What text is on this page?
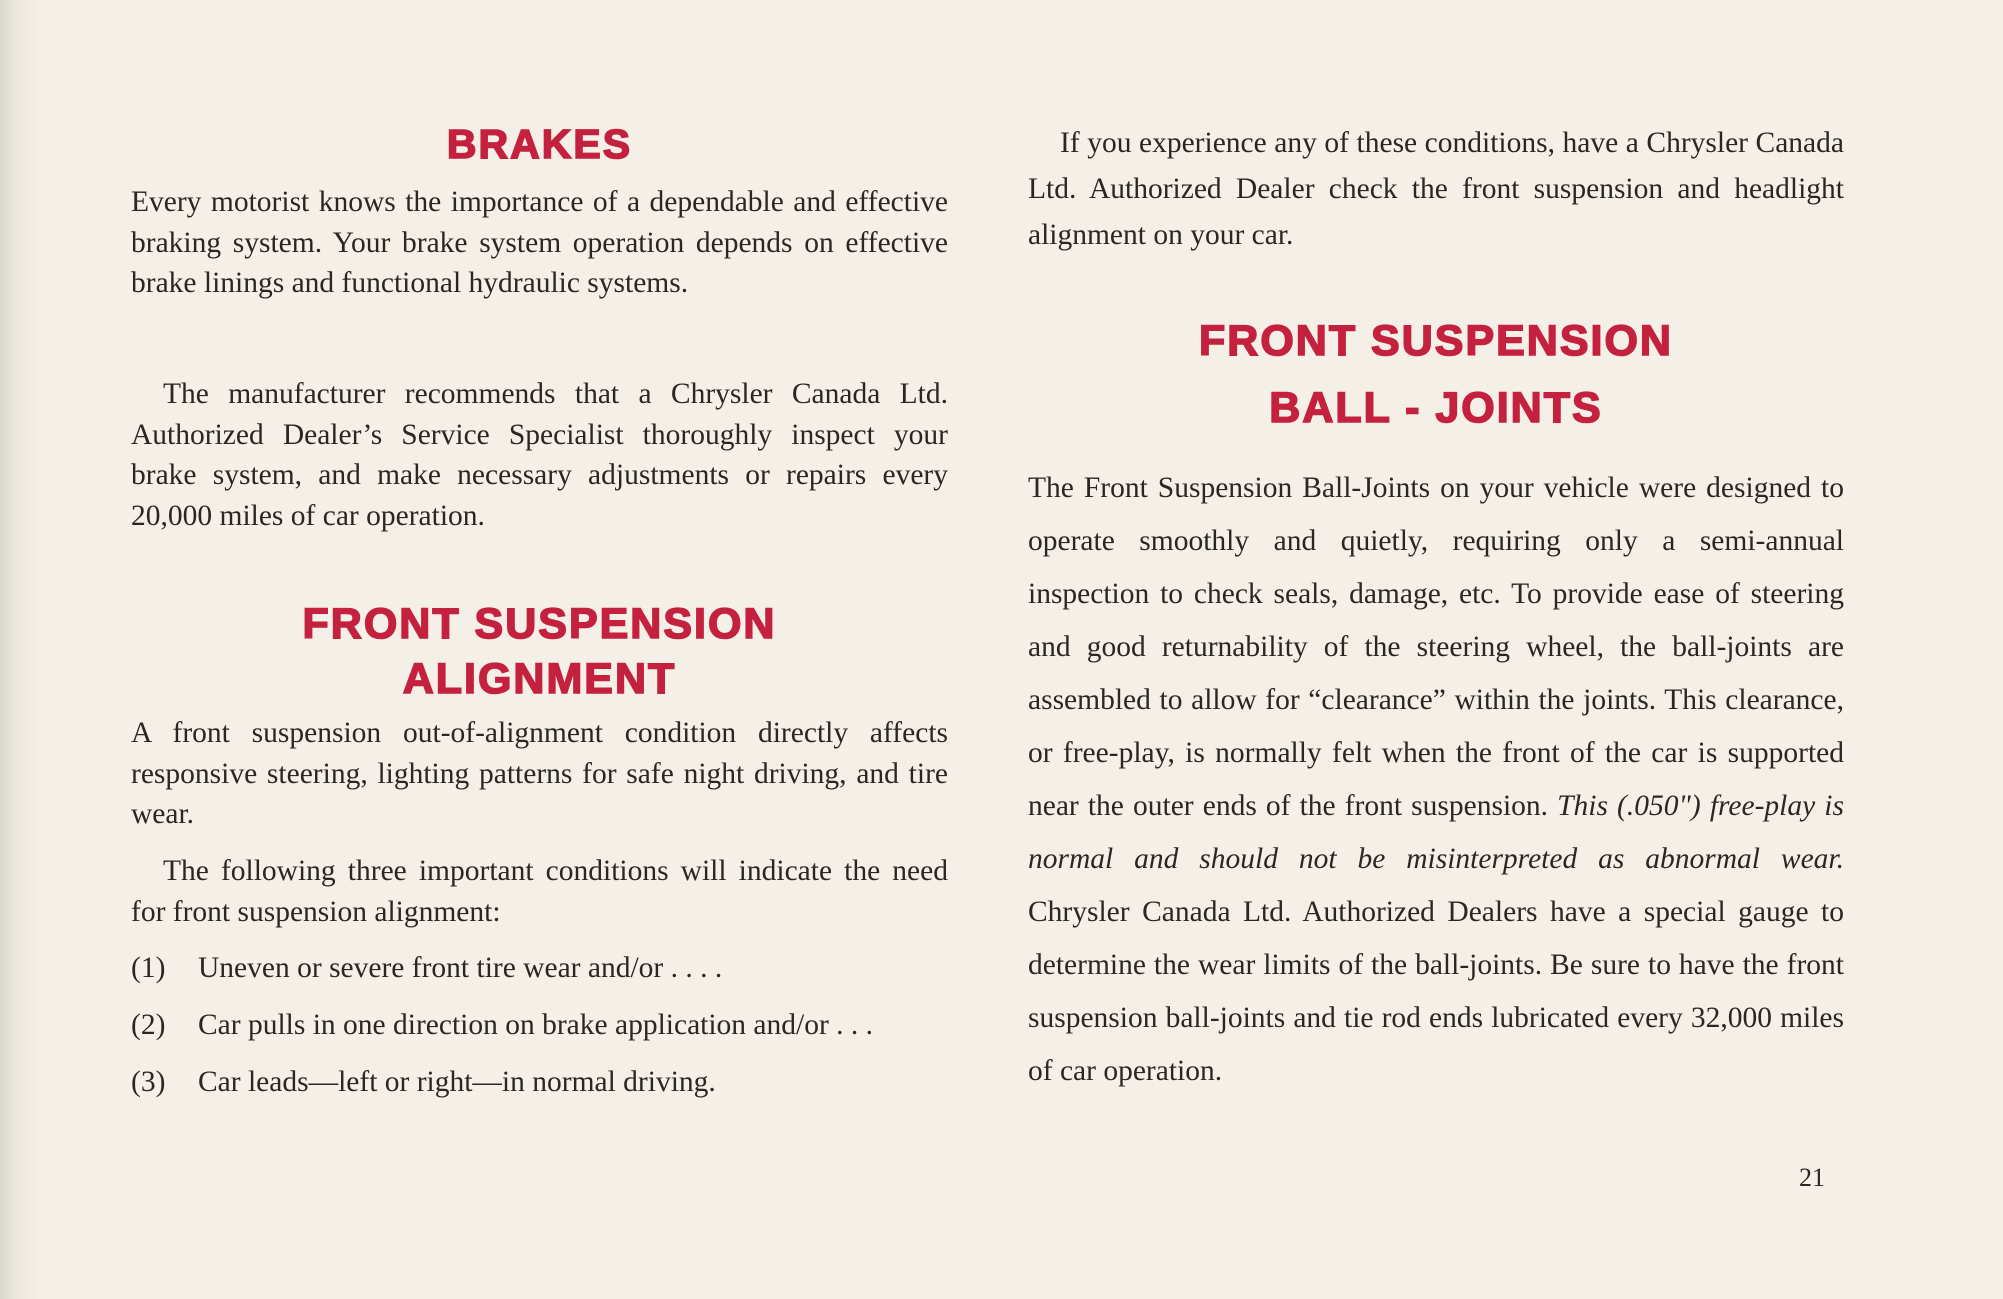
BRAKES

Every motorist knows the importance of a dependable and effective braking system. Your brake system operation depends on effective brake linings and functional hydraulic systems.

The manufacturer recommends that a Chrysler Canada Ltd. Authorized Dealer’s Service Specialist thoroughly inspect your brake system, and make necessary adjustments or repairs every 20,000 miles of car operation.

FRONT SUSPENSION
ALIGNMENT

A front suspension out-of-alignment condition directly affects responsive steering, lighting patterns for safe night driving, and tire wear.

The following three important conditions will indicate the need for front suspension alignment:

(1) Uneven or severe front tire wear and/or . . . .

(2) Car pulls in one direction on brake application and/or . . .

(3) Car leads—left or right—in normal driving.

If you experience any of these conditions, have a Chrysler Canada Ltd. Authorized Dealer check the front suspension and headlight alignment on your car.

FRONT SUSPENSION
BALL - JOINTS

The Front Suspension Ball-Joints on your vehicle were designed to operate smoothly and quietly, requiring only a semi-annual inspection to check seals, damage, etc. To provide ease of steering and good returnability of the steering wheel, the ball-joints are assembled to allow for “clearance” within the joints. This clearance, or free-play, is normally felt when the front of the car is supported near the outer ends of the front suspension. This (.050") free-play is normal and should not be misinterpreted as abnormal wear. Chrysler Canada Ltd. Authorized Dealers have a special gauge to determine the wear limits of the ball-joints. Be sure to have the front suspension ball-joints and tie rod ends lubricated every 32,000 miles of car operation.

21
